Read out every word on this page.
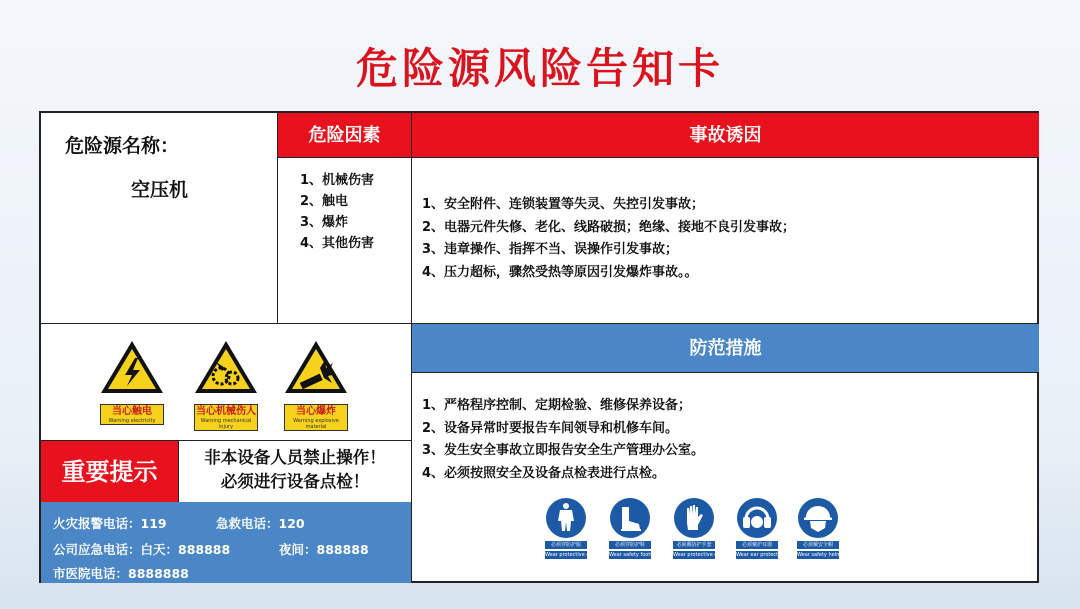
危险源风险告知卡
危险源名称：
空压机
危险因素
1、机械伤害
2、触电
3、爆炸
4、其他伤害
事故诱因
1、安全附件、连锁装置等失灵、失控引发事故；
2、电器元件失修、老化、线路破损；绝缘、接地不良引发事故；
3、违章操作、指挥不当、误操作引发事故；
4、压力超标，骤然受热等原因引发爆炸事故。。
当心触电
Warning electricity
当心机械伤人
Warning mechanical injury
当心爆炸
Warning explosive material
重要提示
非本设备人员禁止操作！
必须进行设备点检！
火灾报警电话：119	急救电话：120
公司应急电话：白天：888888	夜间：888888
市医院电话：8888888
防范措施
1、严格程序控制、定期检验、维修保养设备；
2、设备异常时要报告车间领导和机修车间。
3、发生安全事故立即报告安全生产管理办公室。
4、必须按照安全及设备点检表进行点检。
必须穿防护服
Wear protective clothes
必须穿防护鞋
Wear safety footwear
必须戴防护手套
Wear protective gloves
必须戴护耳器
Wear ear protection
必须戴安全帽
Wear safety helmet
